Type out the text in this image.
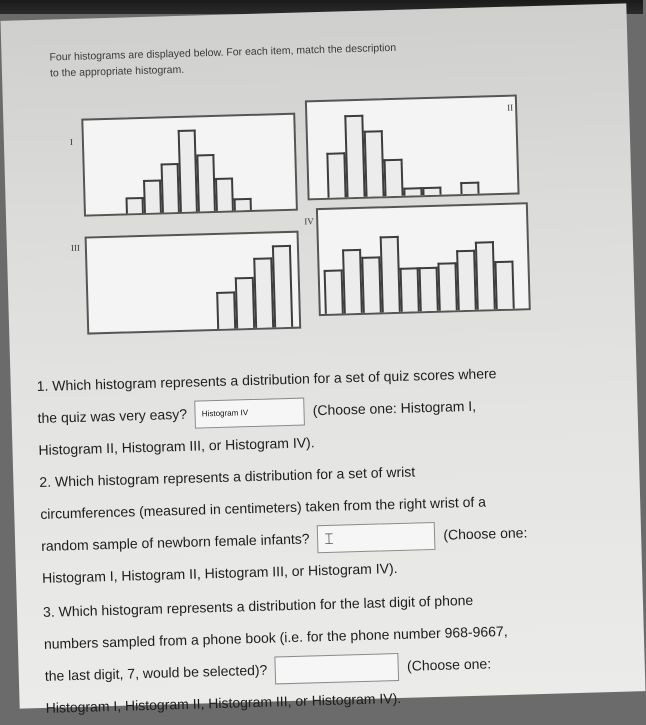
Four histograms are displayed below. For each item, match the description
to the appropriate histogram.
I
II
III
IV
1. Which histogram represents a distribution for a set of quiz scores where
the quiz was very easy? Histogram IV	(Choose one: Histogram I,
Histogram II, Histogram III, or Histogram IV).
2. Which histogram represents a distribution for a set of wrist
circumferences (measured in centimeters) taken from the right wrist of a
random sample of newborn female infants? ⌶	(Choose one:
Histogram I, Histogram II, Histogram III, or Histogram IV).
3. Which histogram represents a distribution for the last digit of phone
numbers sampled from a phone book (i.e. for the phone number 968-9667,
the last digit, 7, would be selected)?	(Choose one:
Histogram I, Histogram II, Histogram III, or Histogram IV).
